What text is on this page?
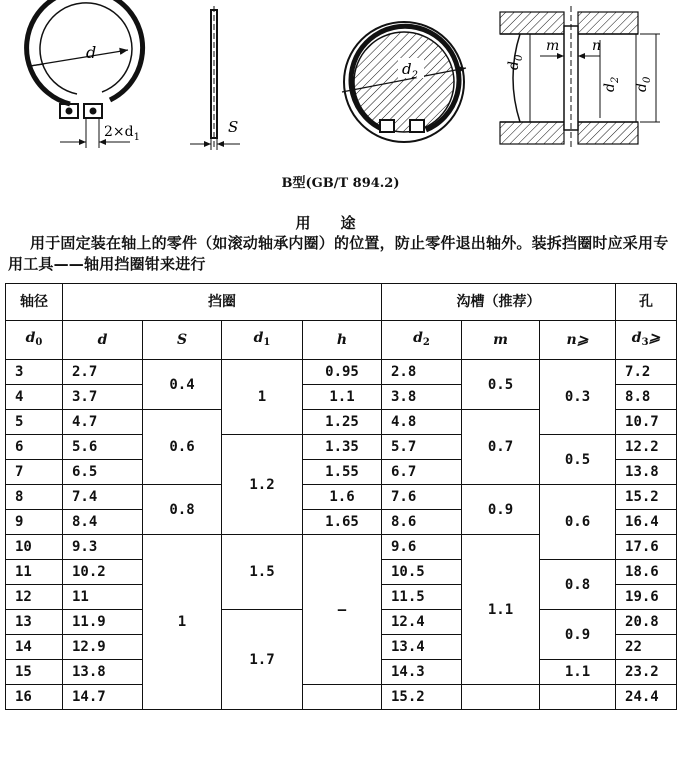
d
$2\times d_1$
S
$d_2$
$d_0$
m n
$d_2$
$d_0$
B型(GB/T 894.2)
用途
用于固定装在轴上的零件（如滚动轴承内圈）的位置，防止零件退出轴外。装拆挡圈时应采用专用工具——轴用挡圈钳来进行
轴径	挡圈				沟槽（推荐）			孔
$d_0$	d	S	$d_1$	h	$d_2$	m	n⩾	$d_3⩾$
3	2.7	0.4	1	0.95	2.8	0.5	0.3	7.2
4	3.7			1.1	3.8			8.8
5	4.7	0.6		1.25	4.8	0.7		10.7
6	5.6		1.2	1.35	5.7		0.5	12.2
7	6.5			1.55	6.7			13.8
8	7.4	0.8		1.6	7.6	0.9	0.6	15.2
9	8.4			1.65	8.6			16.4
10	9.3	1	1.5	—	9.6	1.1		17.6
11	10.2				10.5		0.8	18.6
12	11				11.5			19.6
13	11.9		1.7		12.4		0.9	20.8
14	12.9				13.4			22
15	13.8				14.3		1.1	23.2
16	14.7				15.2			24.4
